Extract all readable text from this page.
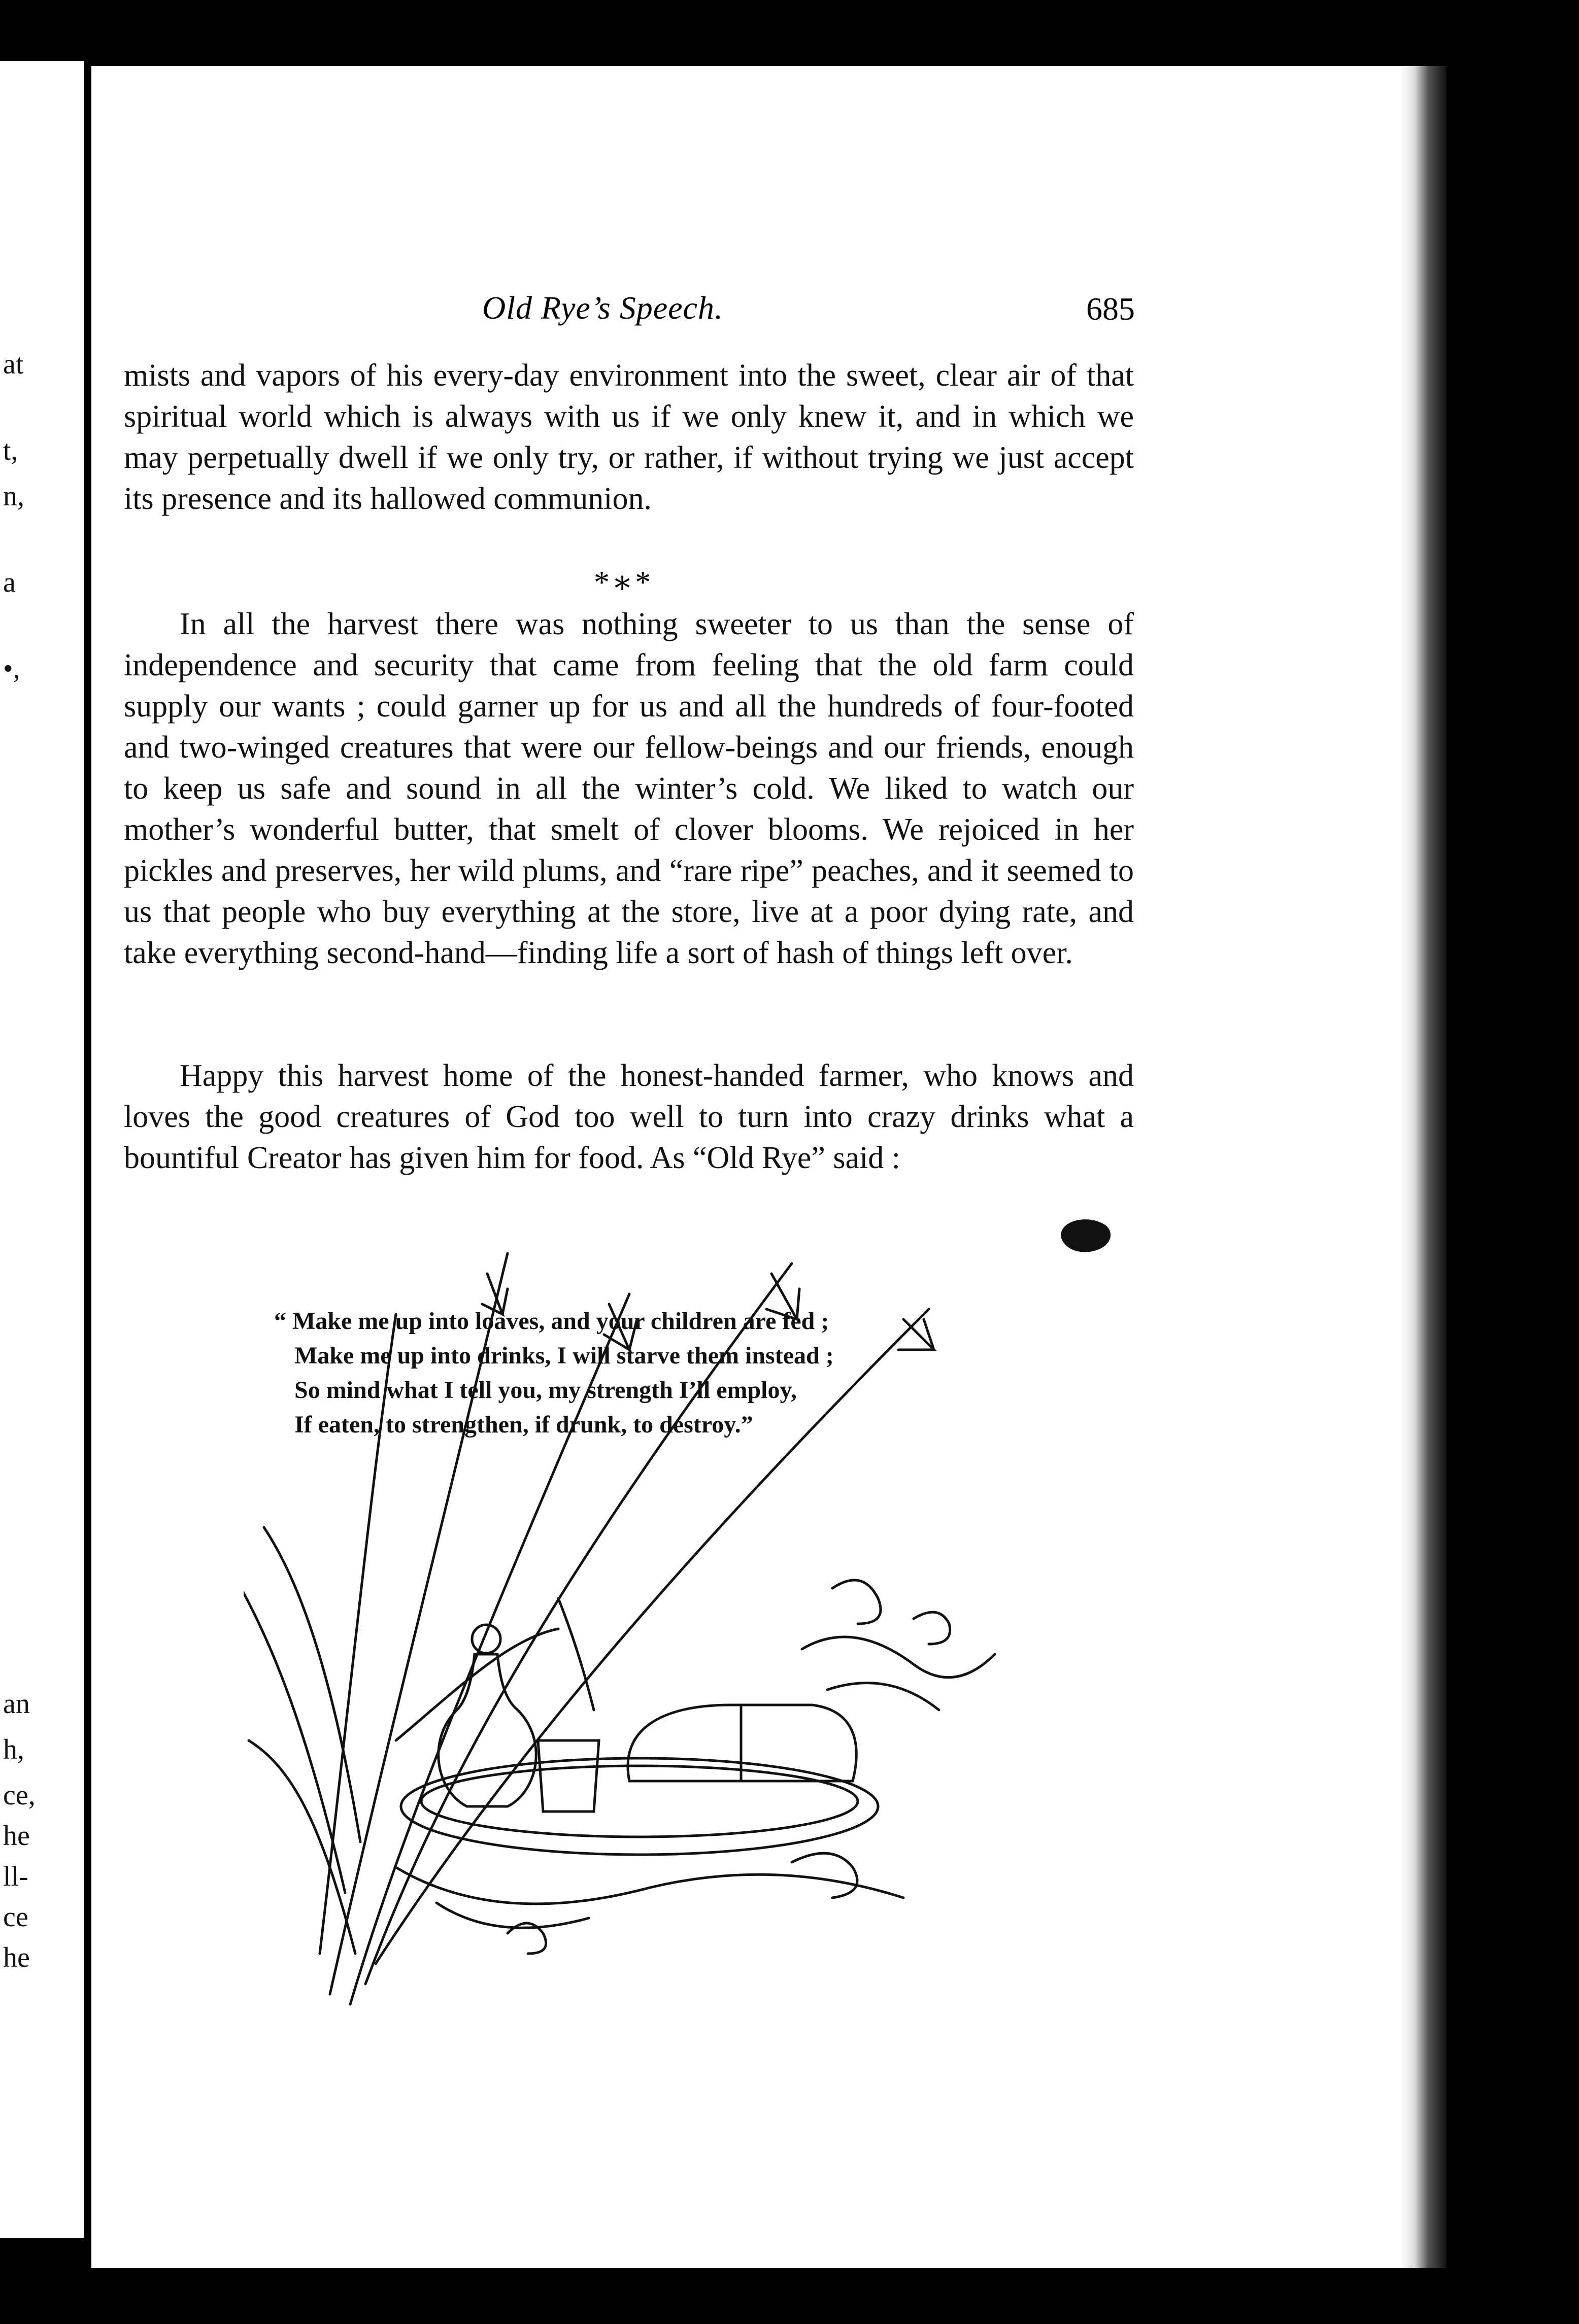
at
t,
n,
a
•,
an
h,
ce,
he
ll-
ce
he
Old Rye’s Speech.	685

mists and vapors of his every-day environment into the sweet, clear air of that spiritual world which is always with us if we only knew it, and in which we may perpetually dwell if we only try, or rather, if without trying we just accept its presence and its hallowed communion.

*∗*

In all the harvest there was nothing sweeter to us than the sense of independence and security that came from feeling that the old farm could supply our wants ; could garner up for us and all the hundreds of four-footed and two-winged creatures that were our fellow-beings and our friends, enough to keep us safe and sound in all the winter’s cold. We liked to watch our mother’s wonderful butter, that smelt of clover blooms. We rejoiced in her pickles and preserves, her wild plums, and “rare ripe” peaches, and it seemed to us that people who buy everything at the store, live at a poor dying rate, and take everything second-hand—finding life a sort of hash of things left over.

Happy this harvest home of the honest-handed farmer, who knows and loves the good creatures of God too well to turn into crazy drinks what a bountiful Creator has given him for food. As “Old Rye” said :

“ Make me up into loaves, and your children are fed ;
Make me up into drinks, I will starve them instead ;
So mind what I tell you, my strength I’ll employ,
If eaten, to strengthen, if drunk, to destroy.”
